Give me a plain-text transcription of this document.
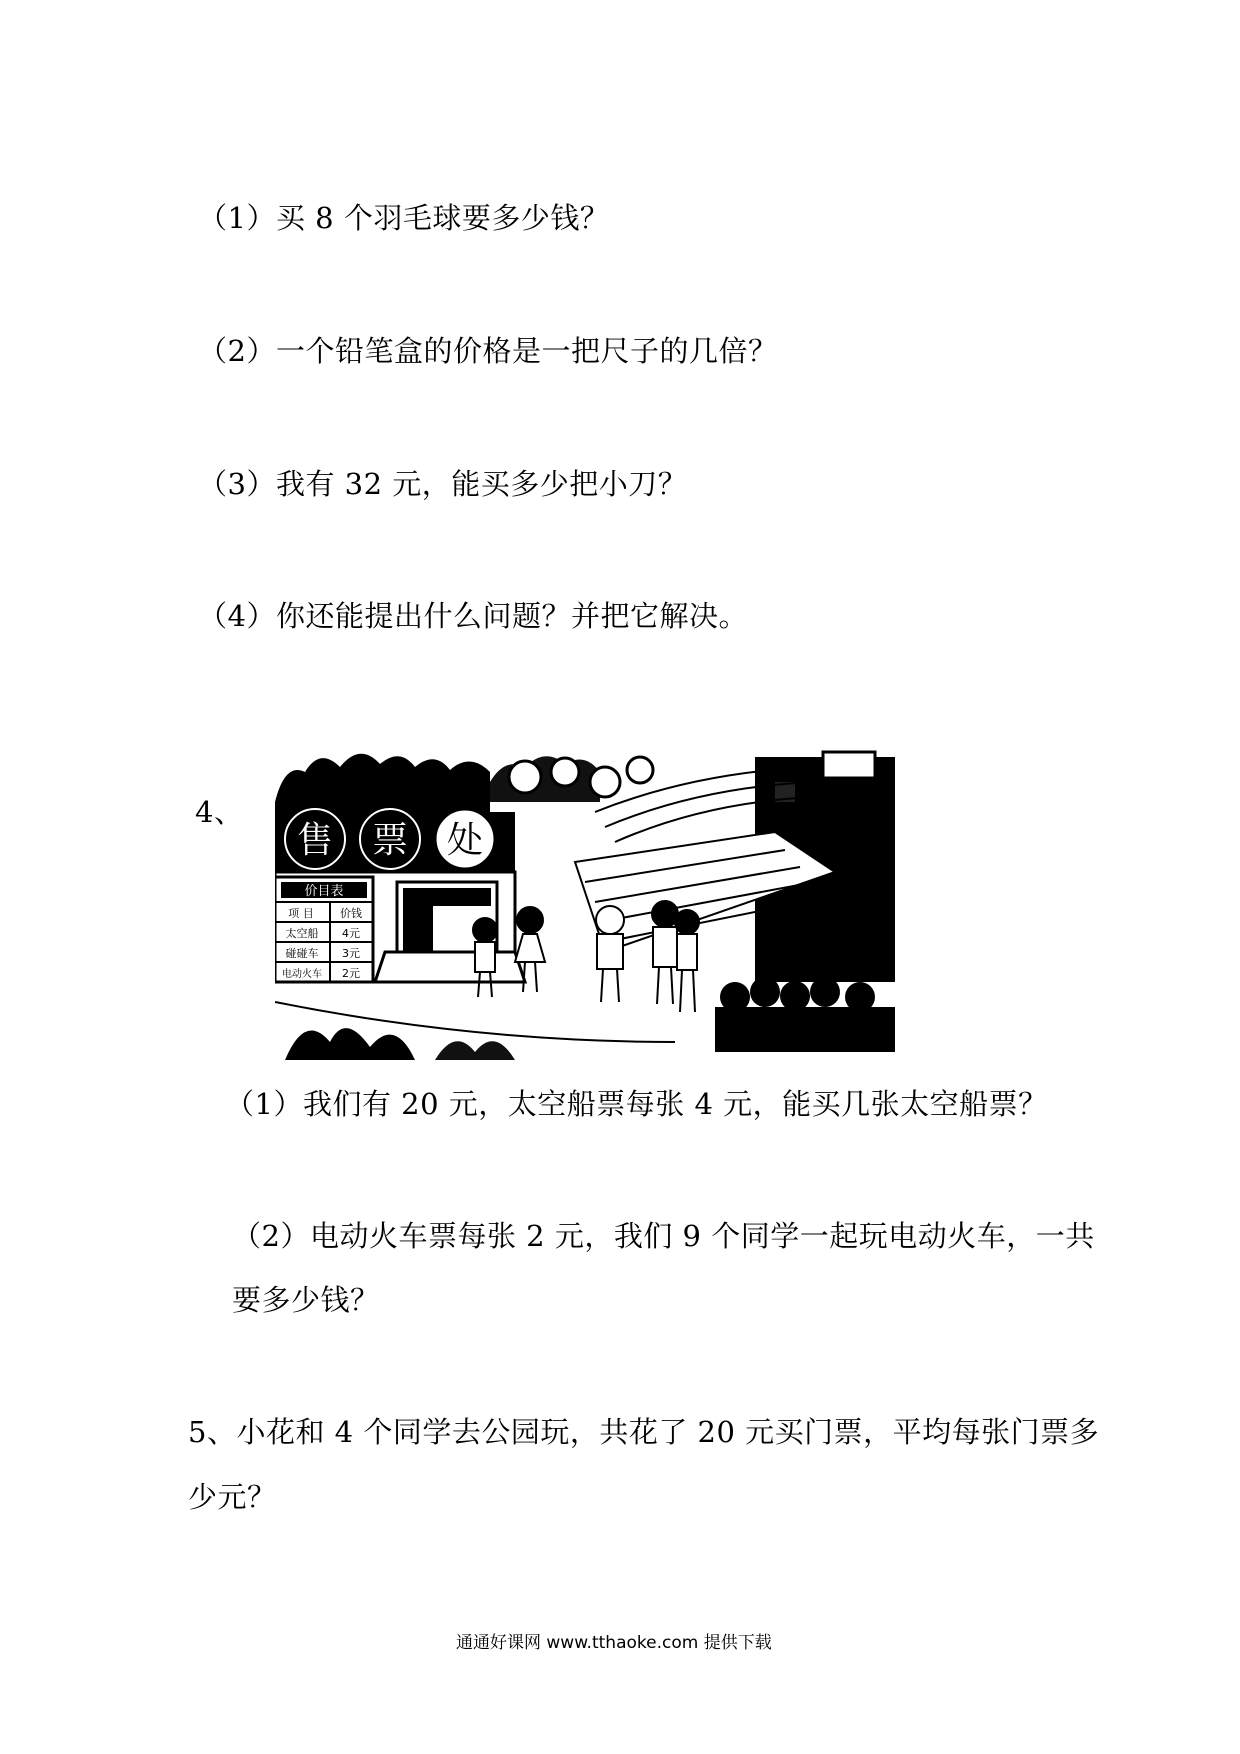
（1）买 8 个羽毛球要多少钱？
（2）一个铅笔盒的价格是一把尺子的几倍？
（3）我有 32 元，能买多少把小刀？
（4）你还能提出什么问题？并把它解决。
4、
售 票 处
价目表
项 目 价钱
太空船 4元
碰碰车 3元
电动火车 2元
（1）我们有 20 元，太空船票每张 4 元，能买几张太空船票？
（2）电动火车票每张 2 元，我们 9 个同学一起玩电动火车，一共
要多少钱？
5、小花和 4 个同学去公园玩，共花了 20 元买门票，平均每张门票多
少元？
通通好课网 www.tthaoke.com 提供下载
